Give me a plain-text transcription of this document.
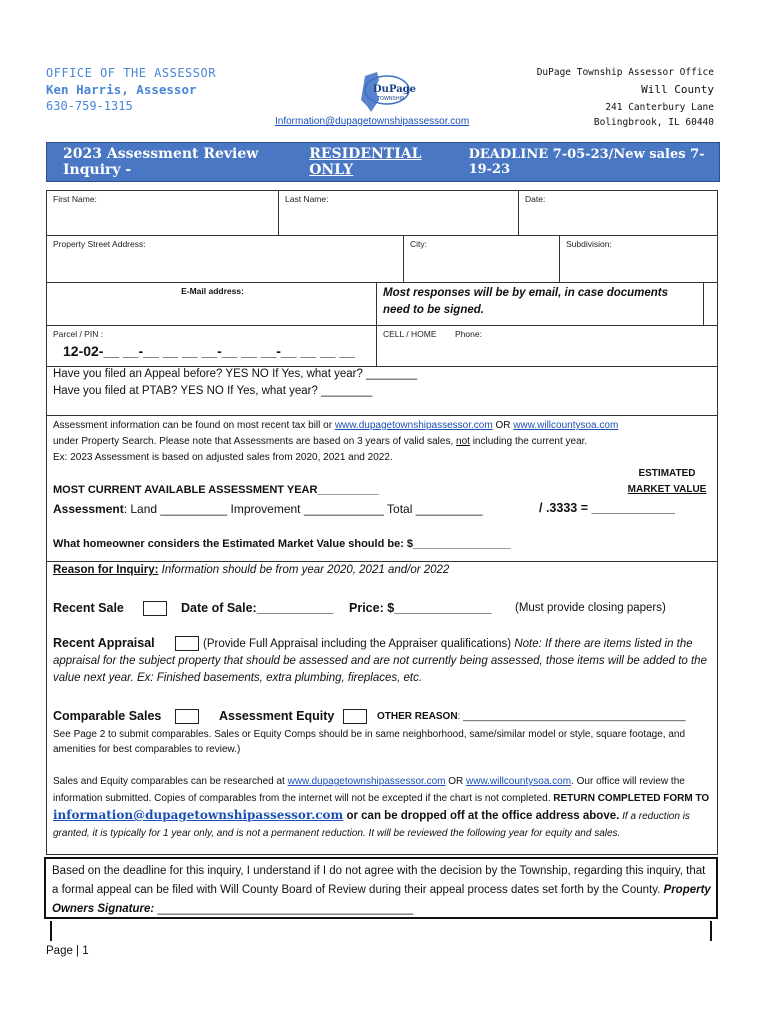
OFFICE OF THE ASSESSOR
Ken Harris, Assessor
630-759-1315
DuPage
TOWNSHIP
Information@dupagetownshipassessor.com
DuPage Township Assessor Office
Will County
241 Canterbury Lane
Bolingbrook, IL 60440
2023 Assessment Review Inquiry -
RESIDENTIAL ONLY
DEADLINE 7-05-23/New sales 7-19-23
First Name:	Last Name:	Date:
Property Street Address:	City:	Subdivision:
E-Mail address:	Most responses will be by email, in case documents need to be signed.
Parcel / PIN :
12-02-__ __-__ __ __ __-__ __ __-__ __ __ __
CELL / HOME Phone:
Have you filed an Appeal before? YES NO If Yes, what year? ________
Have you filed at PTAB? YES NO If Yes, what year? ________
Assessment information can be found on most recent tax bill or www.dupagetownshipassessor.com OR www.willcountysoa.com
under Property Search. Please note that Assessments are based on 3 years of valid sales, not including the current year.
Ex: 2023 Assessment is based on adjusted sales from 2020, 2021 and 2022.
ESTIMATED
MARKET VALUE
MOST CURRENT AVAILABLE ASSESSMENT YEAR__________
Assessment: Land __________ Improvement ____________ Total __________	/ .3333 = ____________
What homeowner considers the Estimated Market Value should be: $________________
Reason for Inquiry: Information should be from year 2020, 2021 and/or 2022
Recent Sale	Date of Sale:___________ Price: $______________ (Must provide closing papers)
Recent Appraisal	(Provide Full Appraisal including the Appraiser qualifications) Note: If there are items listed in the appraisal for the subject property that should be assessed and are not currently being assessed, those items will be added to the value next year. Ex: Finished basements, extra plumbing, fireplaces, etc.
Comparable Sales	Assessment Equity	OTHER REASON: ________________________________________
See Page 2 to submit comparables. Sales or Equity Comps should be in same neighborhood, same/similar model or style, square footage, and amenities for best comparables to review.)
Sales and Equity comparables can be researched at www.dupagetownshipassessor.com OR www.willcountysoa.com. Our office will review the information submitted. Copies of comparables from the internet will not be excepted if the chart is not completed. RETURN COMPLETED FORM TO information@dupagetownshipassessor.com or can be dropped off at the office address above. If a reduction is granted, it is typically for 1 year only, and is not a permanent reduction. It will be reviewed the following year for equity and sales.
Based on the deadline for this inquiry, I understand if I do not agree with the decision by the Township, regarding this inquiry, that a formal appeal can be filed with Will County Board of Review during their appeal process dates set forth by the County. Property Owners Signature: ________________________________________
Page | 1
